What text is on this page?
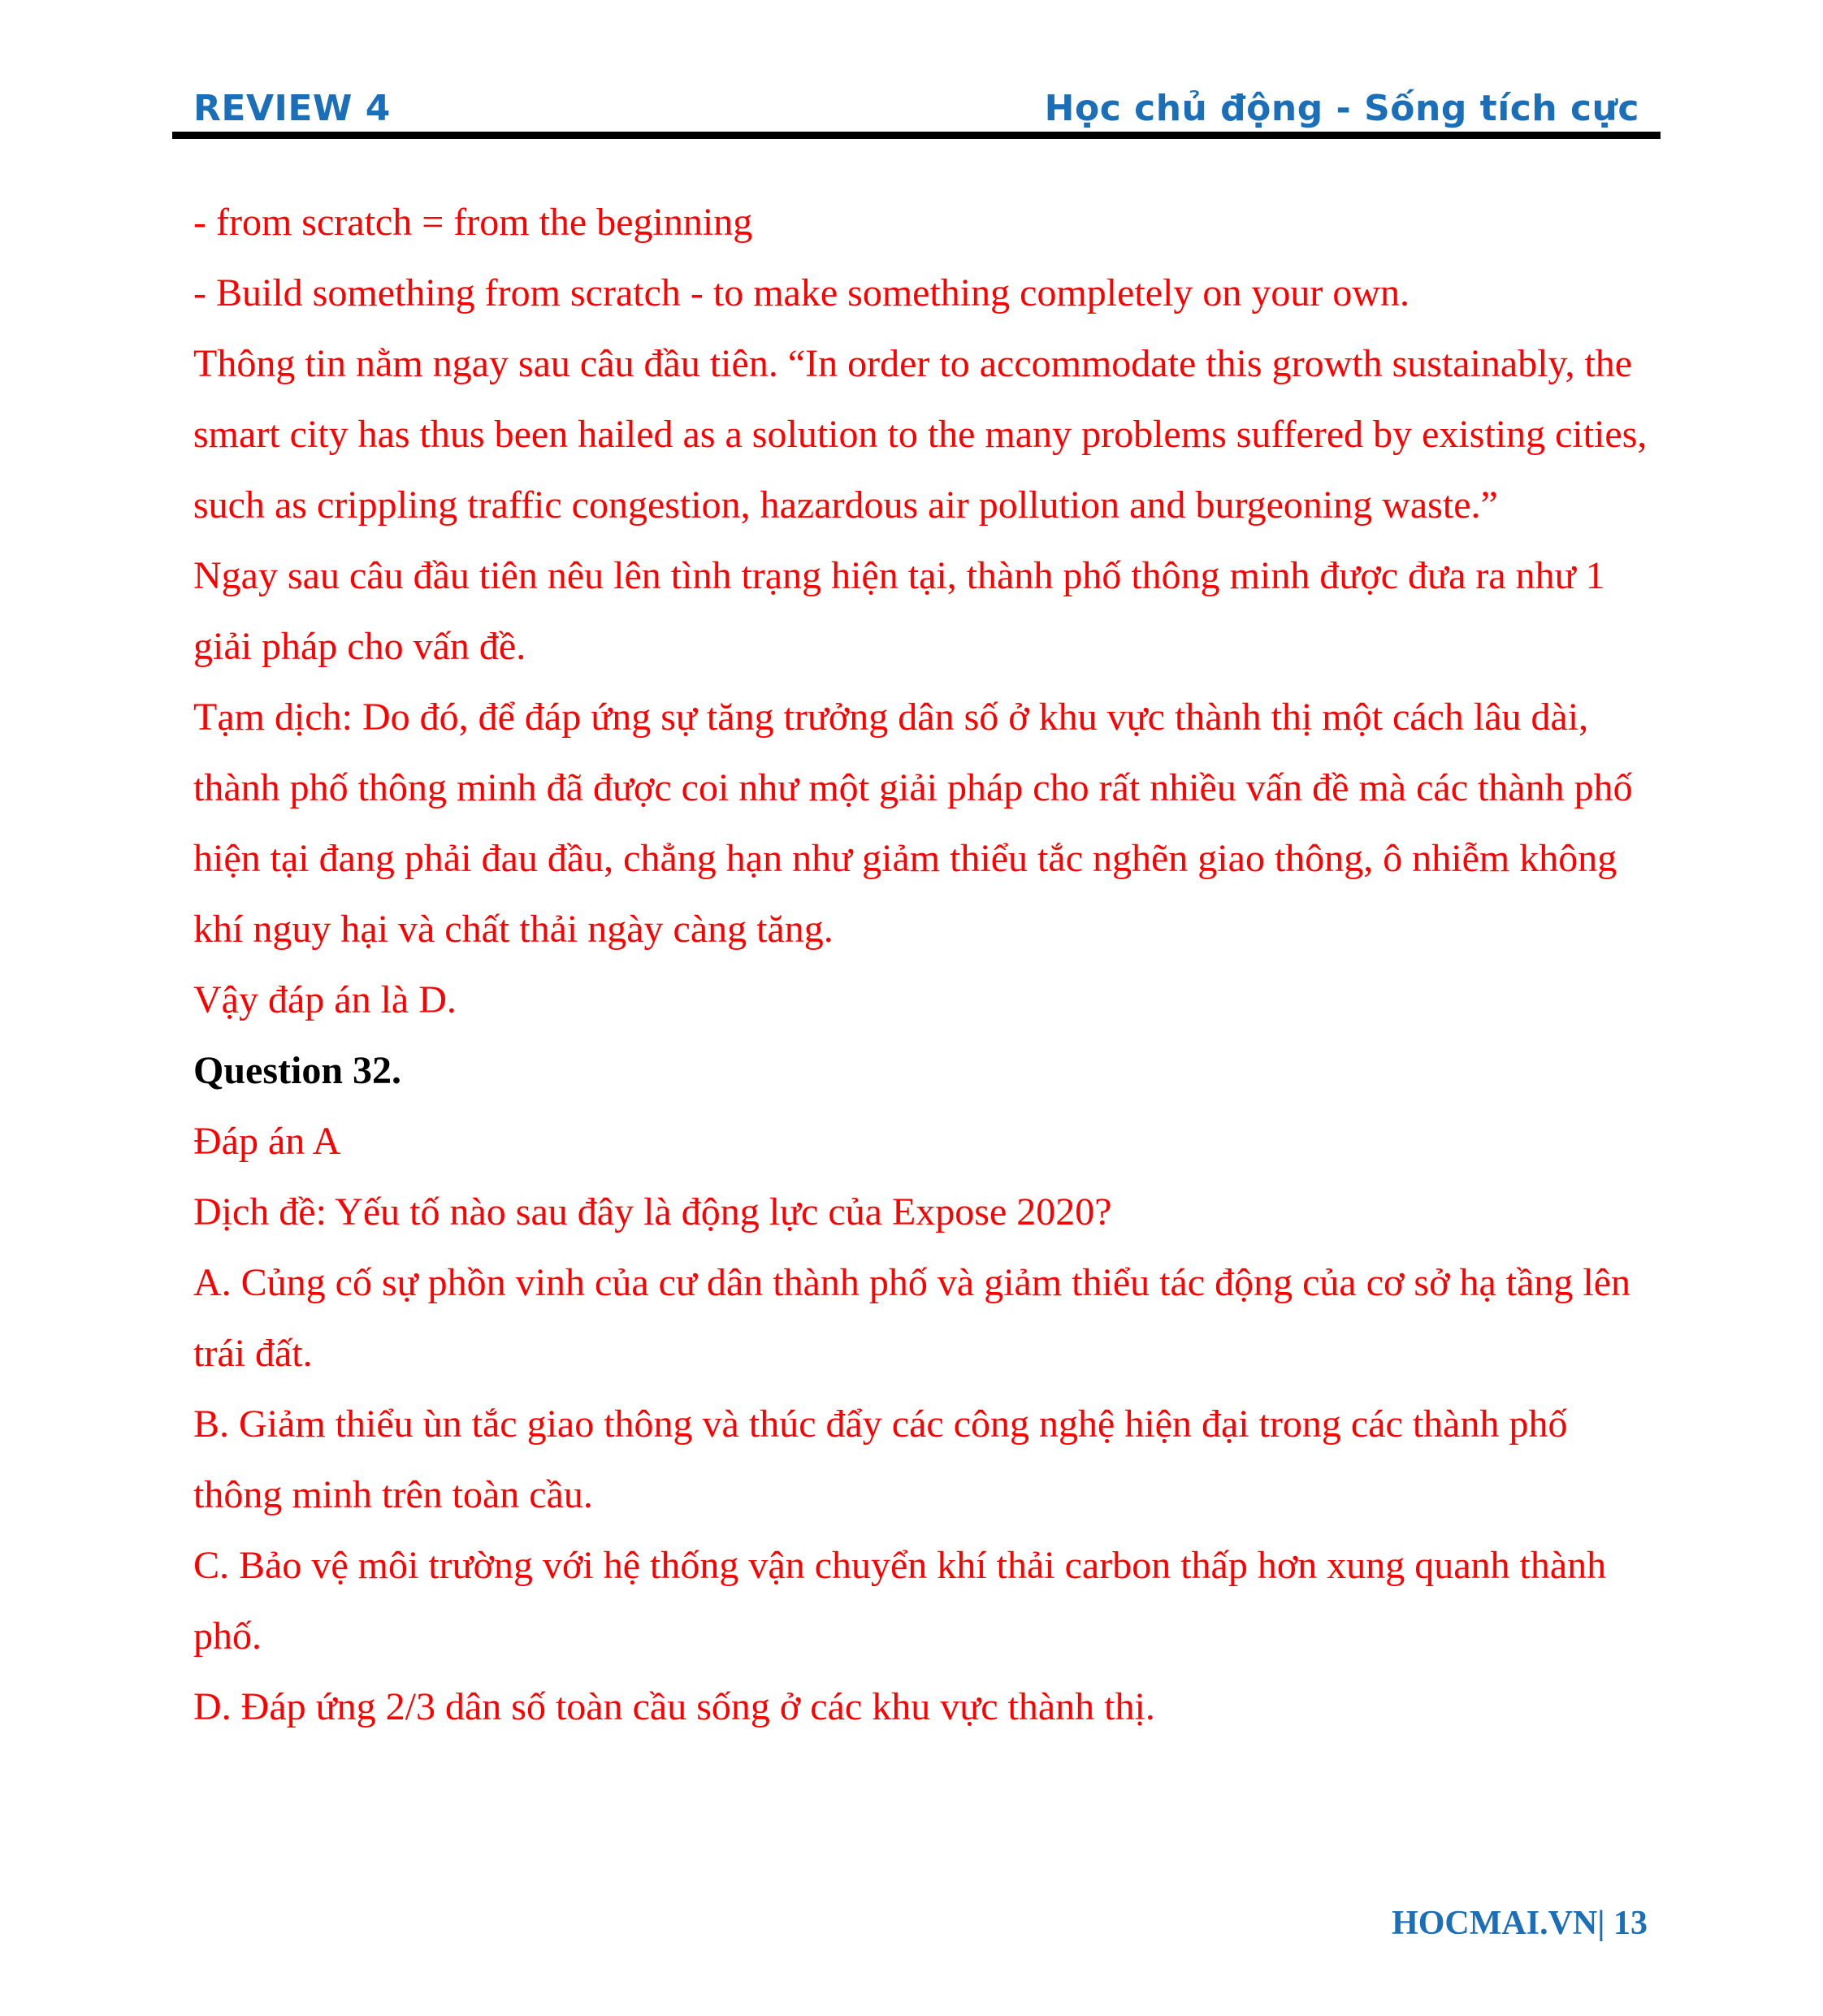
REVIEW 4	Học chủ động - Sống tích cực

- from scratch = from the beginning

- Build something from scratch - to make something completely on your own.

Thông tin nằm ngay sau câu đầu tiên. “In order to accommodate this growth sustainably, the smart city has thus been hailed as a solution to the many problems suffered by existing cities, such as crippling traffic congestion, hazardous air pollution and burgeoning waste.”

Ngay sau câu đầu tiên nêu lên tình trạng hiện tại, thành phố thông minh được đưa ra như 1 giải pháp cho vấn đề.

Tạm dịch: Do đó, để đáp ứng sự tăng trưởng dân số ở khu vực thành thị một cách lâu dài, thành phố thông minh đã được coi như một giải pháp cho rất nhiều vấn đề mà các thành phố hiện tại đang phải đau đầu, chẳng hạn như giảm thiểu tắc nghẽn giao thông, ô nhiễm không khí nguy hại và chất thải ngày càng tăng.

Vậy đáp án là D.

Question 32.

Đáp án A

Dịch đề: Yếu tố nào sau đây là động lực của Expose 2020?

A. Củng cố sự phồn vinh của cư dân thành phố và giảm thiểu tác động của cơ sở hạ tầng lên trái đất.

B. Giảm thiểu ùn tắc giao thông và thúc đẩy các công nghệ hiện đại trong các thành phố thông minh trên toàn cầu.

C. Bảo vệ môi trường với hệ thống vận chuyển khí thải carbon thấp hơn xung quanh thành phố.

D. Đáp ứng 2/3 dân số toàn cầu sống ở các khu vực thành thị.

HOCMAI.VN| 13
